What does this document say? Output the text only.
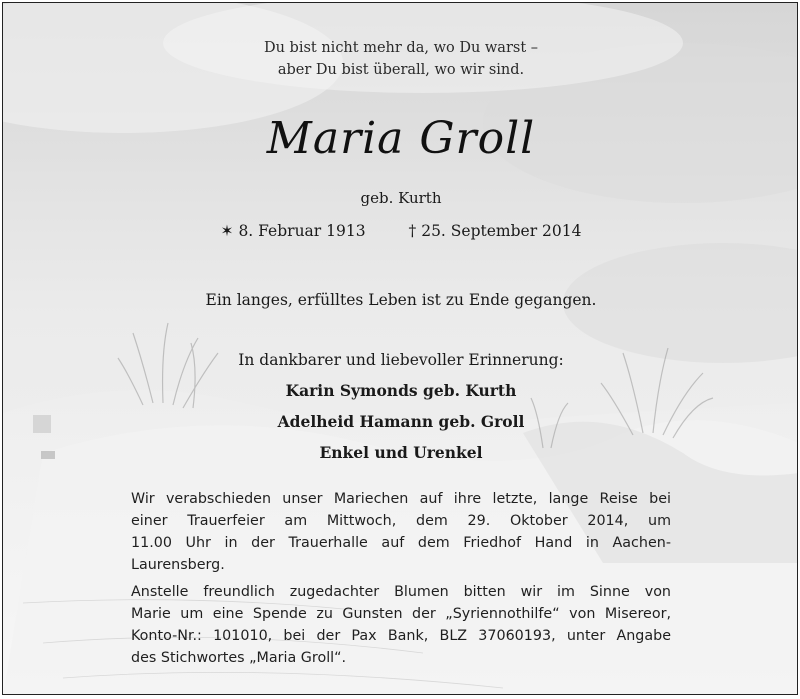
Du bist nicht mehr da, wo Du warst –
aber Du bist überall, wo wir sind.
Maria Groll
geb. Kurth
✶ 8. Februar 1913	† 25. September 2014
Ein langes, erfülltes Leben ist zu Ende gegangen.
In dankbarer und liebevoller Erinnerung:
Karin Symonds geb. Kurth
Adelheid Hamann geb. Groll
Enkel und Urenkel
Wir verabschieden unser Mariechen auf ihre letzte, lange Reise bei
einer Trauerfeier am Mittwoch, dem 29. Oktober 2014, um
11.00 Uhr in der Trauerhalle auf dem Friedhof Hand in Aachen-
Laurensberg.
Anstelle freundlich zugedachter Blumen bitten wir im Sinne von
Marie um eine Spende zu Gunsten der „Syriennothilfe“ von Misereor,
Konto-Nr.: 101010, bei der Pax Bank, BLZ 37060193, unter Angabe
des Stichwortes „Maria Groll“.
